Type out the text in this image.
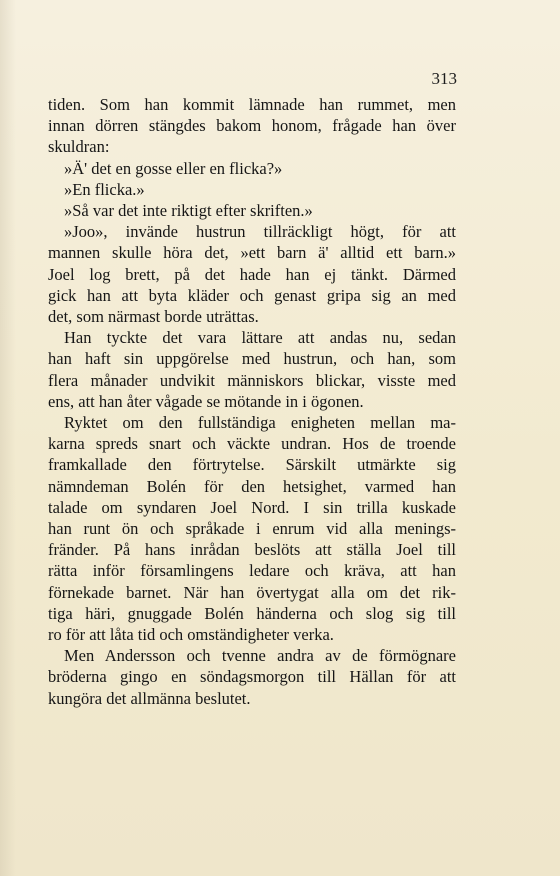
313
tiden. Som han kommit lämnade han rummet, men
innan dörren stängdes bakom honom, frågade han över
skuldran:
»Ä' det en gosse eller en flicka?»
»En flicka.»
»Så var det inte riktigt efter skriften.»
»Joo», invände hustrun tillräckligt högt, för att
mannen skulle höra det, »ett barn ä' alltid ett barn.»
Joel log brett, på det hade han ej tänkt. Därmed
gick han att byta kläder och genast gripa sig an med
det, som närmast borde uträttas.
Han tyckte det vara lättare att andas nu, sedan
han haft sin uppgörelse med hustrun, och han, som
flera månader undvikit människors blickar, visste med
ens, att han åter vågade se mötande in i ögonen.
Ryktet om den fullständiga enigheten mellan ma-
karna spreds snart och väckte undran. Hos de troende
framkallade den förtrytelse. Särskilt utmärkte sig
nämndeman Bolén för den hetsighet, varmed han
talade om syndaren Joel Nord. I sin trilla kuskade
han runt ön och språkade i enrum vid alla menings-
fränder. På hans inrådan beslöts att ställa Joel till
rätta inför församlingens ledare och kräva, att han
förnekade barnet. När han övertygat alla om det rik-
tiga häri, gnuggade Bolén händerna och slog sig till
ro för att låta tid och omständigheter verka.
Men Andersson och tvenne andra av de förmögnare
bröderna gingo en söndagsmorgon till Hällan för att
kungöra det allmänna beslutet.
